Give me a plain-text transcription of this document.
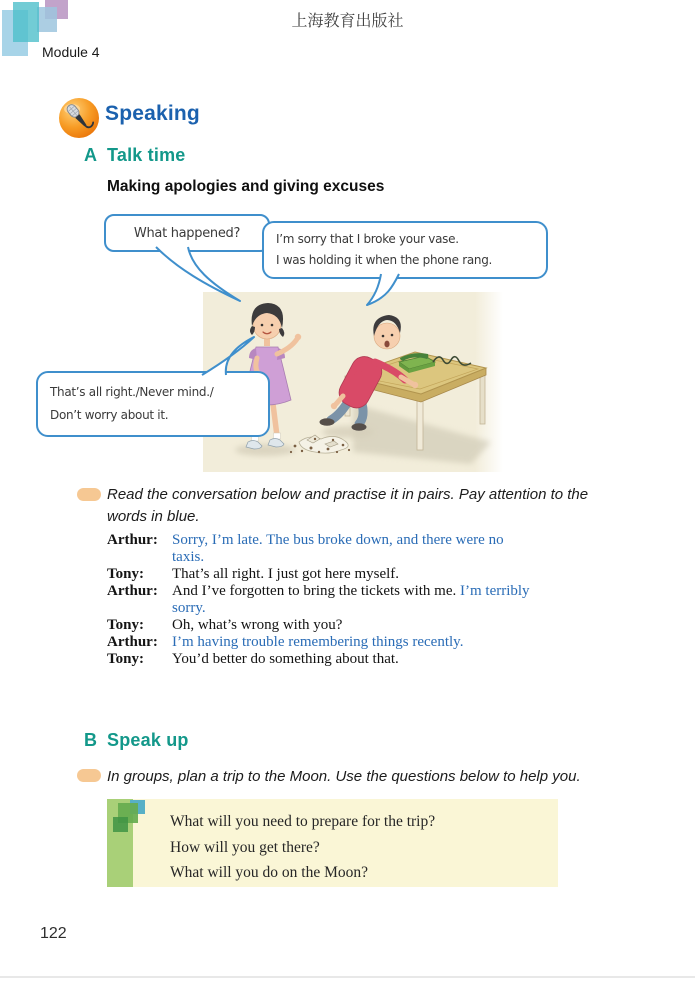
上海教育出版社
Module 4
Speaking
A Talk time
Making apologies and giving excuses
What happened?	I’m sorry that I broke your vase.
I was holding it when the phone rang.
That’s all right./Never mind./
Don’t worry about it.
Read the conversation below and practise it in pairs. Pay attention to the words in blue.
Arthur: Sorry, I’m late. The bus broke down, and there were no
taxis.
Tony:	That’s all right. I just got here myself.
Arthur: And I’ve forgotten to bring the tickets with me. I’m terribly
sorry.
Tony:	Oh, what’s wrong with you?
Arthur: I’m having trouble remembering things recently.
Tony:	You’d better do something about that.
B Speak up
In groups, plan a trip to the Moon. Use the questions below to help you.
What will you need to prepare for the trip?
How will you get there?
What will you do on the Moon?
122
